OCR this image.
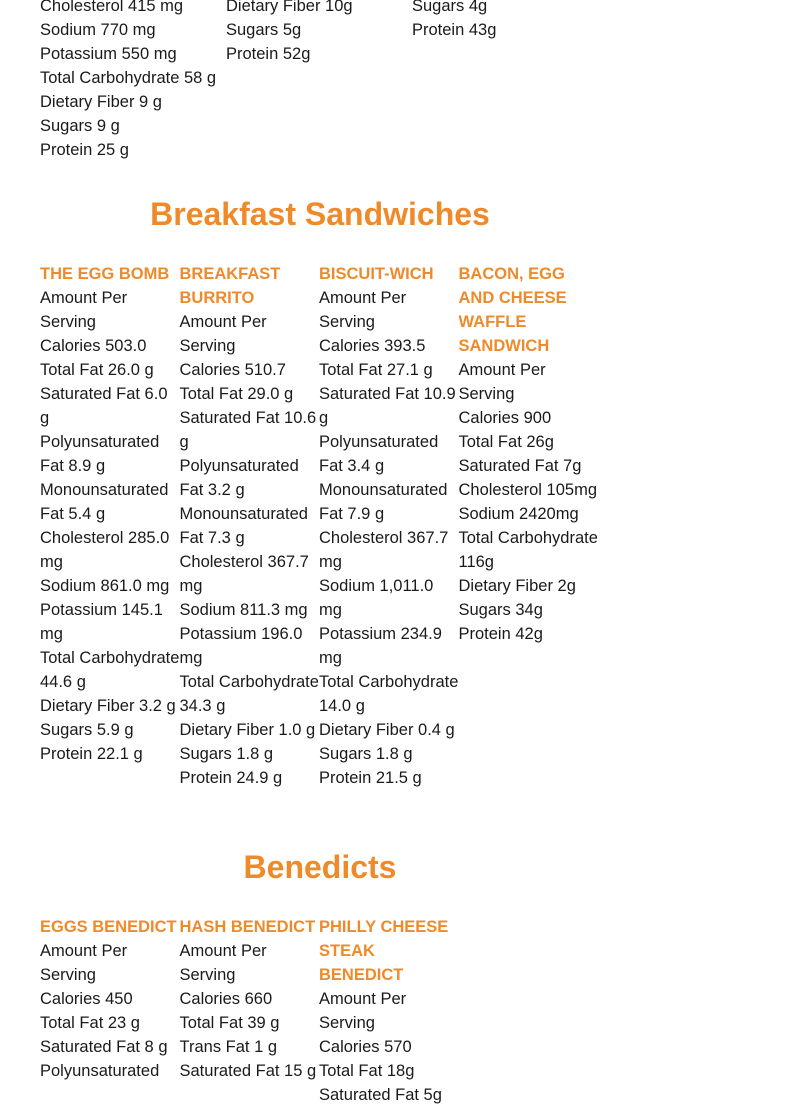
Cholesterol 415 mg
Sodium 770 mg
Potassium 550 mg
Total Carbohydrate 58 g
Dietary Fiber 9 g
Sugars 9 g
Protein 25 g
Dietary Fiber 10g
Sugars 5g
Protein 52g
Sugars 4g
Protein 43g
Breakfast Sandwiches
THE EGG BOMB
Amount Per Serving
Calories 503.0
Total Fat 26.0 g
Saturated Fat 6.0 g
Polyunsaturated Fat 8.9 g
Monounsaturated Fat 5.4 g
Cholesterol 285.0 mg
Sodium 861.0 mg
Potassium 145.1 mg
Total Carbohydrate 44.6 g
Dietary Fiber 3.2 g
Sugars 5.9 g
Protein 22.1 g
BREAKFAST BURRITO
Amount Per Serving
Calories 510.7
Total Fat 29.0 g
Saturated Fat 10.6 g
Polyunsaturated Fat 3.2 g
Monounsaturated Fat 7.3 g
Cholesterol 367.7 mg
Sodium 811.3 mg
Potassium 196.0 mg
Total Carbohydrate 34.3 g
Dietary Fiber 1.0 g
Sugars 1.8 g
Protein 24.9 g
BISCUIT-WICH
Amount Per Serving
Calories 393.5
Total Fat 27.1 g
Saturated Fat 10.9 g
Polyunsaturated Fat 3.4 g
Monounsaturated Fat 7.9 g
Cholesterol 367.7 mg
Sodium 1,011.0 mg
Potassium 234.9 mg
Total Carbohydrate 14.0 g
Dietary Fiber 0.4 g
Sugars 1.8 g
Protein 21.5 g
BACON, EGG AND CHEESE WAFFLE SANDWICH
Amount Per Serving
Calories 900
Total Fat 26g
Saturated Fat 7g
Cholesterol 105mg
Sodium 2420mg
Total Carbohydrate 116g
Dietary Fiber 2g
Sugars 34g
Protein 42g
Benedicts
EGGS BENEDICT
Amount Per Serving
Calories 450
Total Fat 23 g
Saturated Fat 8 g
Polyunsaturated
HASH BENEDICT
Amount Per Serving
Calories 660
Total Fat 39 g
Trans Fat 1 g
Saturated Fat 15 g
PHILLY CHEESE STEAK BENEDICT
Amount Per Serving
Calories 570
Total Fat 18g
Saturated Fat 5g
